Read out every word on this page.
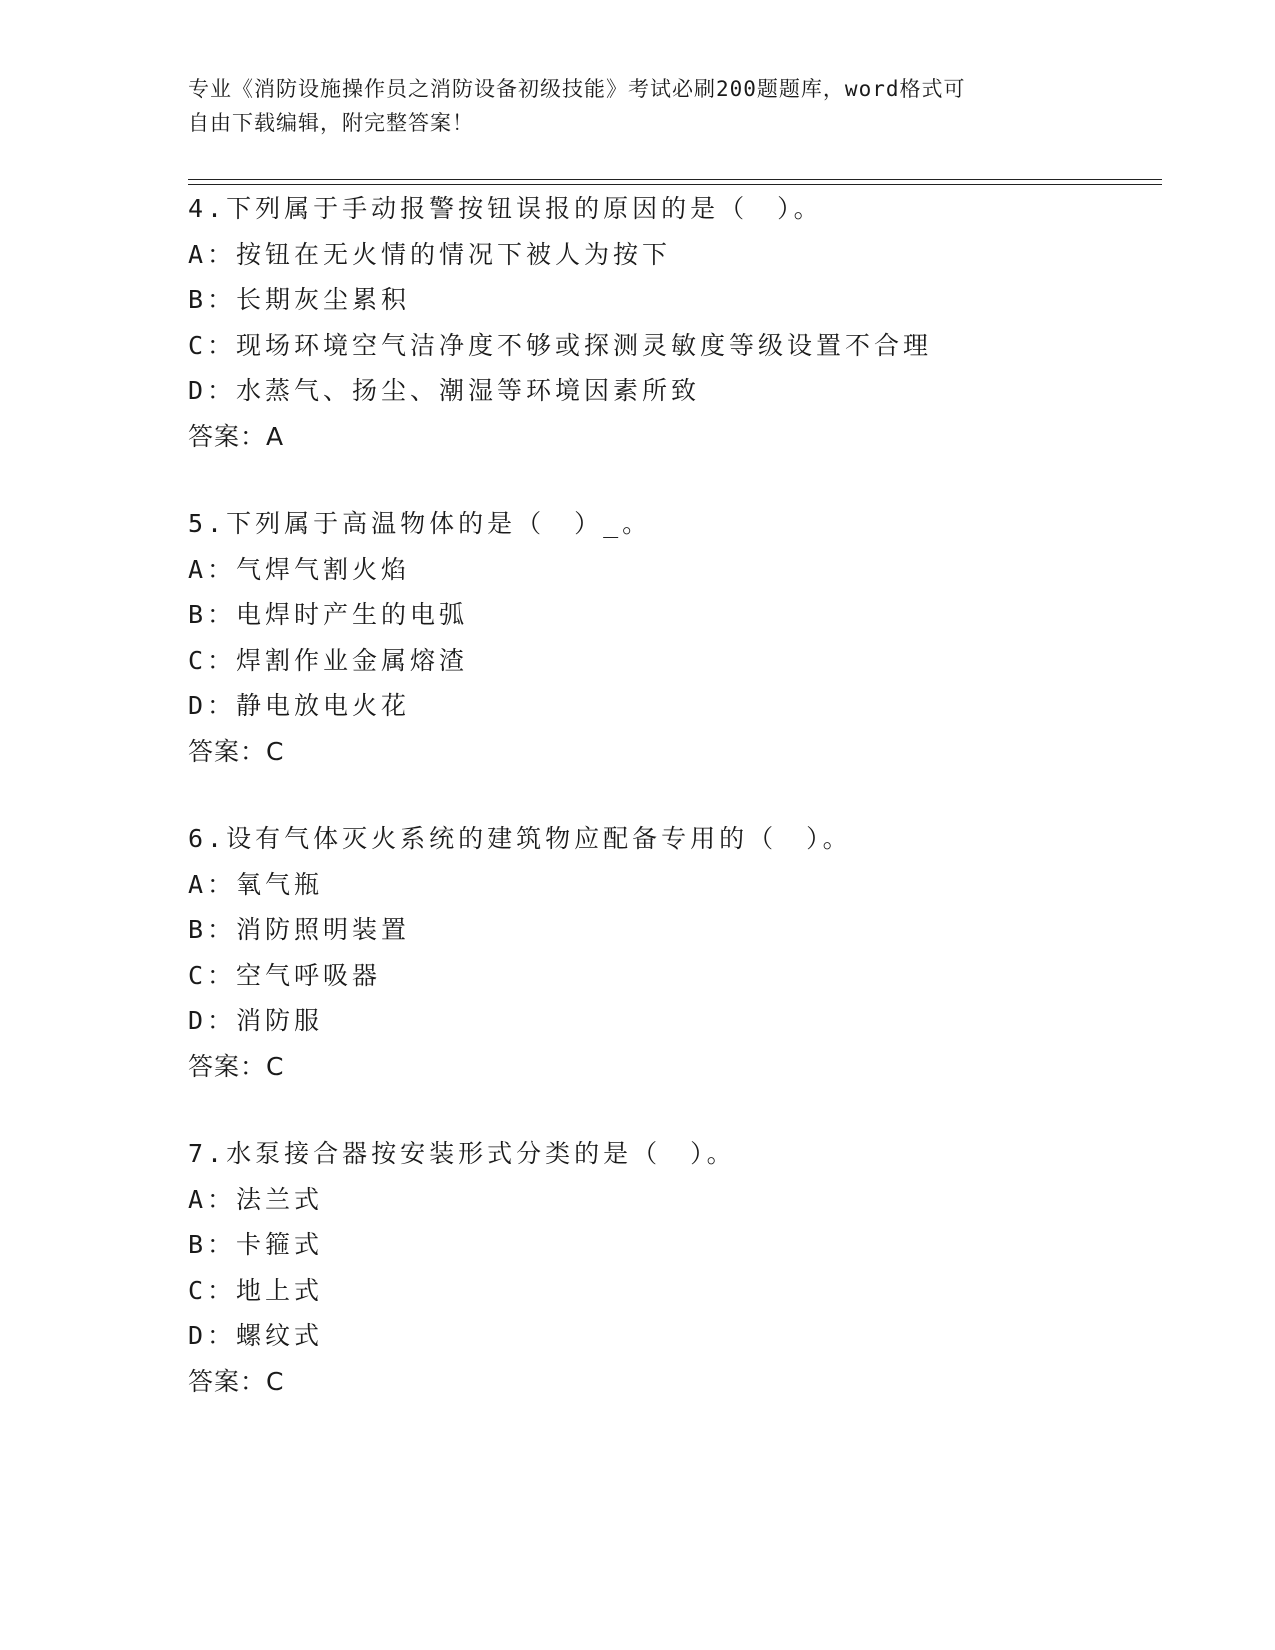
专业《消防设施操作员之消防设备初级技能》考试必刷200题题库，word格式可
自由下载编辑，附完整答案！
4.下列属于手动报警按钮误报的原因的是（　）。
A：按钮在无火情的情况下被人为按下
B：长期灰尘累积
C：现场环境空气洁净度不够或探测灵敏度等级设置不合理
D：水蒸气、扬尘、潮湿等环境因素所致
答案：A
5.下列属于高温物体的是（　）_。
A：气焊气割火焰
B：电焊时产生的电弧
C：焊割作业金属熔渣
D：静电放电火花
答案：C
6.设有气体灭火系统的建筑物应配备专用的（　）。
A：氧气瓶
B：消防照明装置
C：空气呼吸器
D：消防服
答案：C
7.水泵接合器按安装形式分类的是（　）。
A：法兰式
B：卡箍式
C：地上式
D：螺纹式
答案：C
